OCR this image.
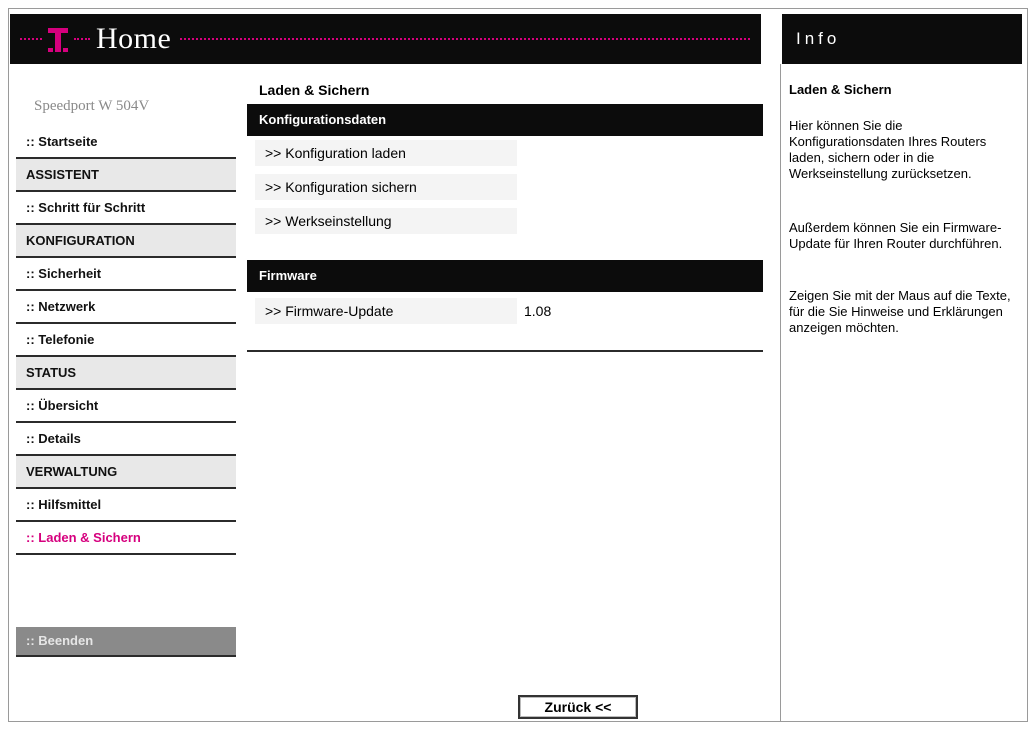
Home	Info
Speedport W 504V
:: Startseite
ASSISTENT
:: Schritt für Schritt
KONFIGURATION
:: Sicherheit
:: Netzwerk
:: Telefonie
STATUS
:: Übersicht
:: Details
VERWALTUNG
:: Hilfsmittel
:: Laden & Sichern
:: Beenden
Laden & Sichern
Konfigurationsdaten
>> Konfiguration laden
>> Konfiguration sichern
>> Werkseinstellung
Firmware
>> Firmware-Update	1.08
Zurück <<
Laden & Sichern
Hier können Sie die Konfigurationsdaten Ihres Routers laden, sichern oder in die Werkseinstellung zurücksetzen.
Außerdem können Sie ein Firmware-Update für Ihren Router durchführen.
Zeigen Sie mit der Maus auf die Texte, für die Sie Hinweise und Erklärungen anzeigen möchten.
